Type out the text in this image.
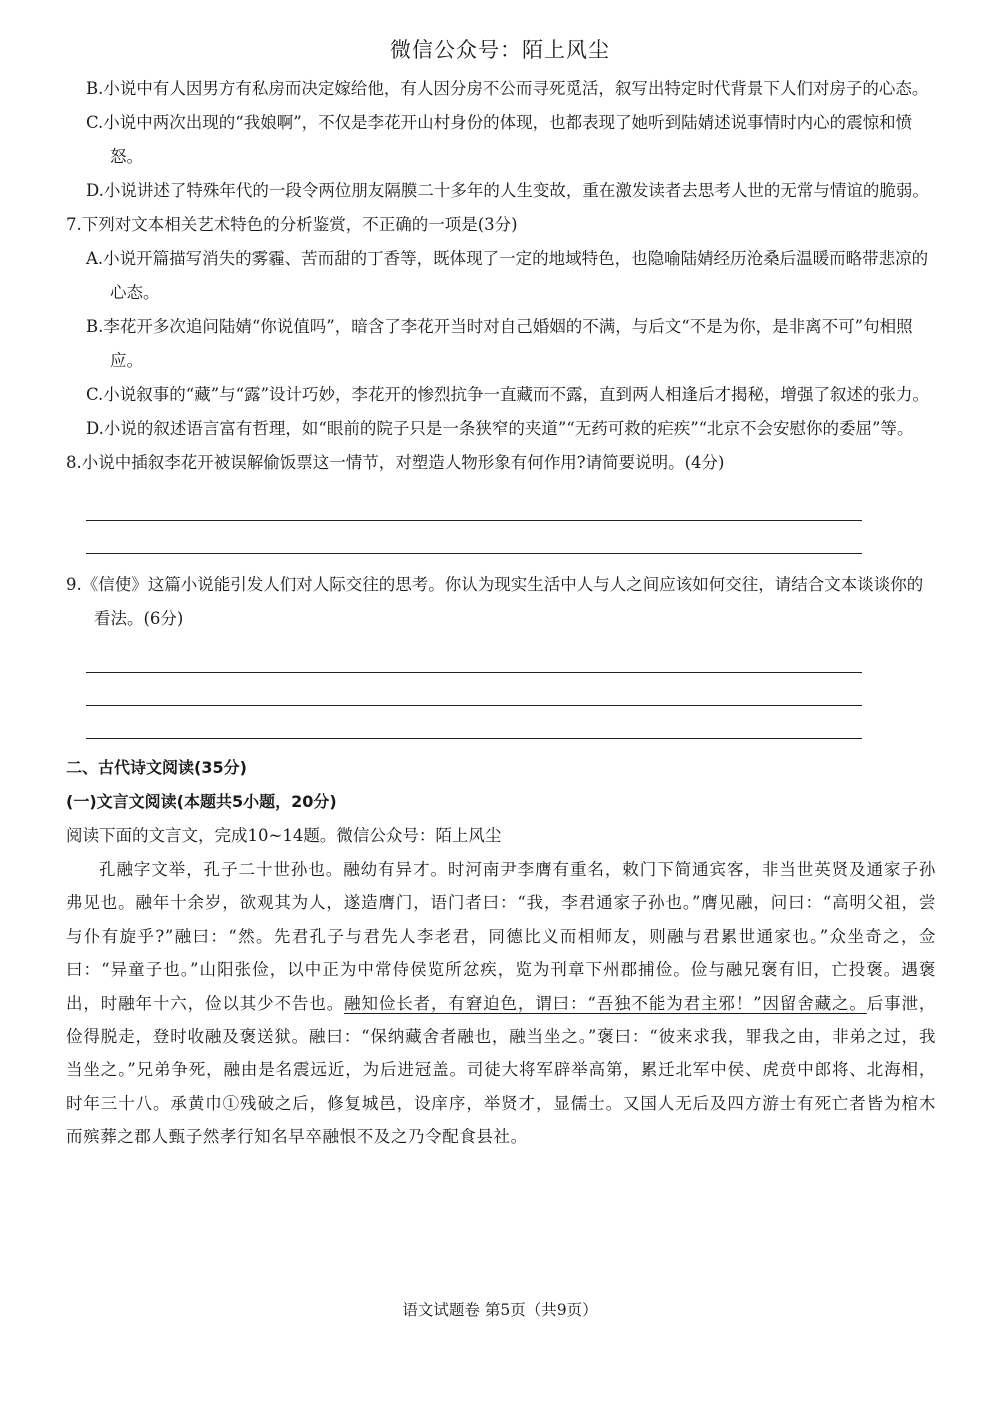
微信公众号：陌上风尘
B.小说中有人因男方有私房而决定嫁给他，有人因分房不公而寻死觅活，叙写出特定时代背景下人们对房子的心态。
C.小说中两次出现的“我娘啊”，不仅是李花开山村身份的体现，也都表现了她听到陆婧述说事情时内心的震惊和愤怒。
D.小说讲述了特殊年代的一段令两位朋友隔膜二十多年的人生变故，重在激发读者去思考人世的无常与情谊的脆弱。
7.下列对文本相关艺术特色的分析鉴赏，不正确的一项是(3分)
A.小说开篇描写消失的雾霾、苦而甜的丁香等，既体现了一定的地域特色，也隐喻陆婧经历沧桑后温暖而略带悲凉的心态。
B.李花开多次追问陆婧“你说值吗”，暗含了李花开当时对自己婚姻的不满，与后文“不是为你，是非离不可”句相照应。
C.小说叙事的“藏”与“露”设计巧妙，李花开的惨烈抗争一直藏而不露，直到两人相逢后才揭秘，增强了叙述的张力。
D.小说的叙述语言富有哲理，如“眼前的院子只是一条狭窄的夹道”“无药可救的疟疾”“北京不会安慰你的委屈”等。
8.小说中插叙李花开被误解偷饭票这一情节，对塑造人物形象有何作用?请简要说明。(4分)
9.《信使》这篇小说能引发人们对人际交往的思考。你认为现实生活中人与人之间应该如何交往，请结合文本谈谈你的看法。(6分)
二、古代诗文阅读(35分)
(一)文言文阅读(本题共5小题，20分)
阅读下面的文言文，完成10~14题。微信公众号：陌上风尘
孔融字文举，孔子二十世孙也。融幼有异才。时河南尹李膺有重名，敕门下简通宾客，非当世英贤及通家子孙弗见也。融年十余岁，欲观其为人，遂造膺门，语门者曰：“我，李君通家子孙也。”膺见融，问曰：“高明父祖，尝与仆有旋乎?”融曰：“然。先君孔子与君先人李老君，同德比义而相师友，则融与君累世通家也。”众坐奇之，佥曰：“异童子也。”山阳张俭，以中正为中常侍侯览所忿疾，览为刊章下州郡捕俭。俭与融兄褒有旧，亡投褒。遇褒出，时融年十六，俭以其少不告也。融知俭长者，有窘迫色，谓曰：“吾独不能为君主邪！”因留舍藏之。后事泄，俭得脱走，登时收融及褒送狱。融曰：“保纳藏舍者融也，融当坐之。”褒曰：“彼来求我，罪我之由，非弟之过，我当坐之。”兄弟争死，融由是名震远近，为后进冠盖。司徒大将军辟举高第，累迁北军中侯、虎贲中郎将、北海相，时年三十八。承黄巾①残破之后，修复城邑，设庠序，举贤才，显儒士。又国人无后及四方游士有死亡者皆为棺木而殡葬之郡人甄子然孝行知名早卒融恨不及之乃令配食县社。
语文试题卷 第5页（共9页）
